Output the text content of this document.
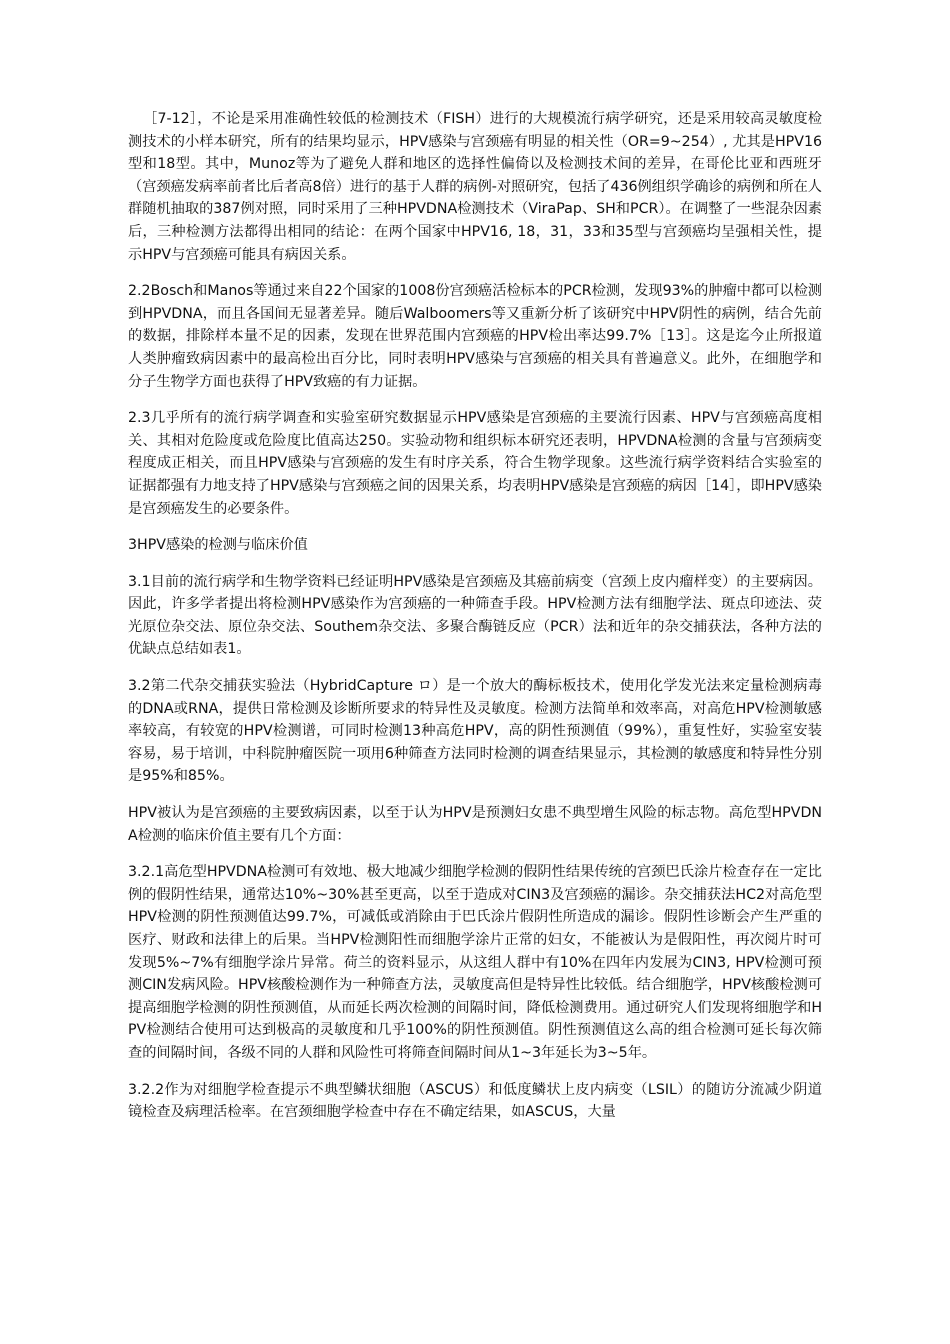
［7-12］，不论是采用准确性较低的检测技术（FISH）进行的大规模流行病学研究，还是采用较高灵敏度检测技术的小样本研究，所有的结果均显示，HPV感染与宫颈癌有明显的相关性（OR=9~254）, 尤其是HPV16型和18型。其中，Munoz等为了避免人群和地区的选择性偏倚以及检测技术间的差异，在哥伦比亚和西班牙（宫颈癌发病率前者比后者高8倍）进行的基于人群的病例-对照研究，包括了436例组织学确诊的病例和所在人群随机抽取的387例对照，同时采用了三种HPVDNA检测技术（ViraPap、SH和PCR）。在调整了一些混杂因素后，三种检测方法都得出相同的结论：在两个国家中HPV16, 18，31，33和35型与宫颈癌均呈强相关性，提示HPV与宫颈癌可能具有病因关系。

2.2Bosch和Manos等通过来自22个国家的1008份宫颈癌活检标本的PCR检测，发现93%的肿瘤中都可以检测到HPVDNA，而且各国间无显著差异。随后Walboomers等又重新分析了该研究中HPV阴性的病例，结合先前的数据，排除样本量不足的因素，发现在世界范围内宫颈癌的HPV检出率达99.7%［13］。这是迄今止所报道人类肿瘤致病因素中的最高检出百分比，同时表明HPV感染与宫颈癌的相关具有普遍意义。此外，在细胞学和分子生物学方面也获得了HPV致癌的有力证据。

2.3几乎所有的流行病学调查和实验室研究数据显示HPV感染是宫颈癌的主要流行因素、HPV与宫颈癌高度相关、其相对危险度或危险度比值高达250。实验动物和组织标本研究还表明，HPVDNA检测的含量与宫颈病变程度成正相关，而且HPV感染与宫颈癌的发生有时序关系，符合生物学现象。这些流行病学资料结合实验室的证据都强有力地支持了HPV感染与宫颈癌之间的因果关系，均表明HPV感染是宫颈癌的病因［14］，即HPV感染是宫颈癌发生的必要条件。

3HPV感染的检测与临床价值

3.1目前的流行病学和生物学资料已经证明HPV感染是宫颈癌及其癌前病变（宫颈上皮内瘤样变）的主要病因。因此，许多学者提出将检测HPV感染作为宫颈癌的一种筛查手段。HPV检测方法有细胞学法、斑点印迹法、荧光原位杂交法、原位杂交法、Southem杂交法、多聚合酶链反应（PCR）法和近年的杂交捕获法，各种方法的优缺点总结如表1。

3.2第二代杂交捕获实验法（HybridCapture ロ）是一个放大的酶标板技术，使用化学发光法来定量检测病毒的DNA或RNA，提供日常检测及诊断所要求的特异性及灵敏度。检测方法简单和效率高，对高危HPV检测敏感率较高，有较宽的HPV检测谱，可同时检测13种高危HPV，高的阴性预测值（99%），重复性好，实验室安装容易，易于培训，中科院肿瘤医院一项用6种筛查方法同时检测的调查结果显示，其检测的敏感度和特异性分别是95%和85%。

HPV被认为是宫颈癌的主要致病因素，以至于认为HPV是预测妇女患不典型增生风险的标志物。高危型HPVDNA检测的临床价值主要有几个方面：

3.2.1高危型HPVDNA检测可有效地、极大地减少细胞学检测的假阴性结果传统的宫颈巴氏涂片检查存在一定比例的假阴性结果，通常达10%~30%甚至更高，以至于造成对CIN3及宫颈癌的漏诊。杂交捕获法HC2对高危型HPV检测的阴性预测值达99.7%，可减低或消除由于巴氏涂片假阴性所造成的漏诊。假阴性诊断会产生严重的医疗、财政和法律上的后果。当HPV检测阳性而细胞学涂片正常的妇女，不能被认为是假阳性，再次阅片时可发现5%~7%有细胞学涂片异常。荷兰的资料显示，从这组人群中有10%在四年内发展为CIN3, HPV检测可预测CIN发病风险。HPV核酸检测作为一种筛查方法，灵敏度高但是特异性比较低。结合细胞学，HPV核酸检测可提高细胞学检测的阴性预测值，从而延长两次检测的间隔时间，降低检测费用。通过研究人们发现将细胞学和HPV检测结合使用可达到极高的灵敏度和几乎100%的阴性预测值。阴性预测值这么高的组合检测可延长每次筛查的间隔时间，各级不同的人群和风险性可将筛查间隔时间从1~3年延长为3~5年。

3.2.2作为对细胞学检查提示不典型鳞状细胞（ASCUS）和低度鳞状上皮内病变（LSIL）的随访分流减少阴道镜检查及病理活检率。在宫颈细胞学检查中存在不确定结果，如ASCUS，大量
